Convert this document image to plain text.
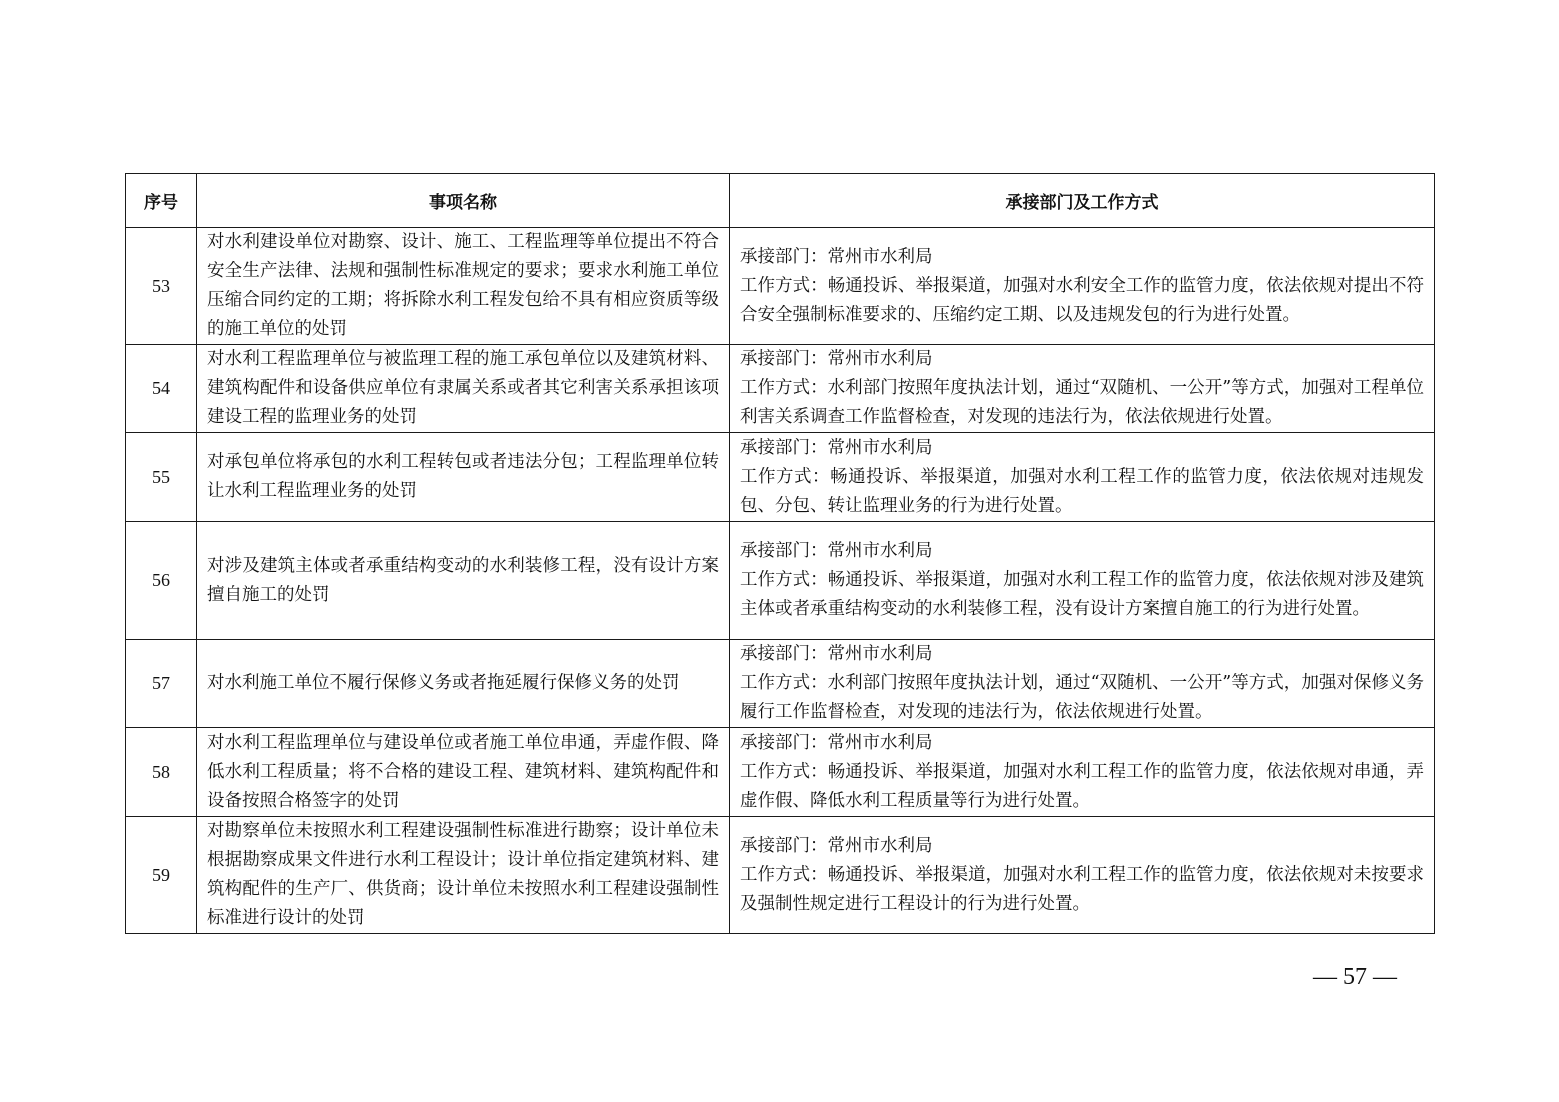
序号	事项名称	承接部门及工作方式
53	对水利建设单位对勘察、设计、施工、工程监理等单位提出不符合安全生产法律、法规和强制性标准规定的要求；要求水利施工单位压缩合同约定的工期；将拆除水利工程发包给不具有相应资质等级的施工单位的处罚	承接部门：常州市水利局
工作方式：畅通投诉、举报渠道，加强对水利安全工作的监管力度，依法依规对提出不符合安全强制标准要求的、压缩约定工期、以及违规发包的行为进行处置。

54	对水利工程监理单位与被监理工程的施工承包单位以及建筑材料、建筑构配件和设备供应单位有隶属关系或者其它利害关系承担该项建设工程的监理业务的处罚	承接部门：常州市水利局
工作方式：水利部门按照年度执法计划，通过“双随机、一公开”等方式，加强对工程单位利害关系调查工作监督检查，对发现的违法行为，依法依规进行处置。

55	对承包单位将承包的水利工程转包或者违法分包；工程监理单位转让水利工程监理业务的处罚	承接部门：常州市水利局
工作方式：畅通投诉、举报渠道，加强对水利工程工作的监管力度，依法依规对违规发包、分包、转让监理业务的行为进行处置。

56	对涉及建筑主体或者承重结构变动的水利装修工程，没有设计方案擅自施工的处罚	承接部门：常州市水利局
工作方式：畅通投诉、举报渠道，加强对水利工程工作的监管力度，依法依规对涉及建筑主体或者承重结构变动的水利装修工程，没有设计方案擅自施工的行为进行处置。

57	对水利施工单位不履行保修义务或者拖延履行保修义务的处罚	承接部门：常州市水利局
工作方式：水利部门按照年度执法计划，通过“双随机、一公开”等方式，加强对保修义务履行工作监督检查，对发现的违法行为，依法依规进行处置。

58	对水利工程监理单位与建设单位或者施工单位串通，弄虚作假、降低水利工程质量；将不合格的建设工程、建筑材料、建筑构配件和设备按照合格签字的处罚	承接部门：常州市水利局
工作方式：畅通投诉、举报渠道，加强对水利工程工作的监管力度，依法依规对串通，弄虚作假、降低水利工程质量等行为进行处置。

59	对勘察单位未按照水利工程建设强制性标准进行勘察；设计单位未根据勘察成果文件进行水利工程设计；设计单位指定建筑材料、建筑构配件的生产厂、供货商；设计单位未按照水利工程建设强制性标准进行设计的处罚	承接部门：常州市水利局
工作方式：畅通投诉、举报渠道，加强对水利工程工作的监管力度，依法依规对未按要求及强制性规定进行工程设计的行为进行处置。
— 57 —
